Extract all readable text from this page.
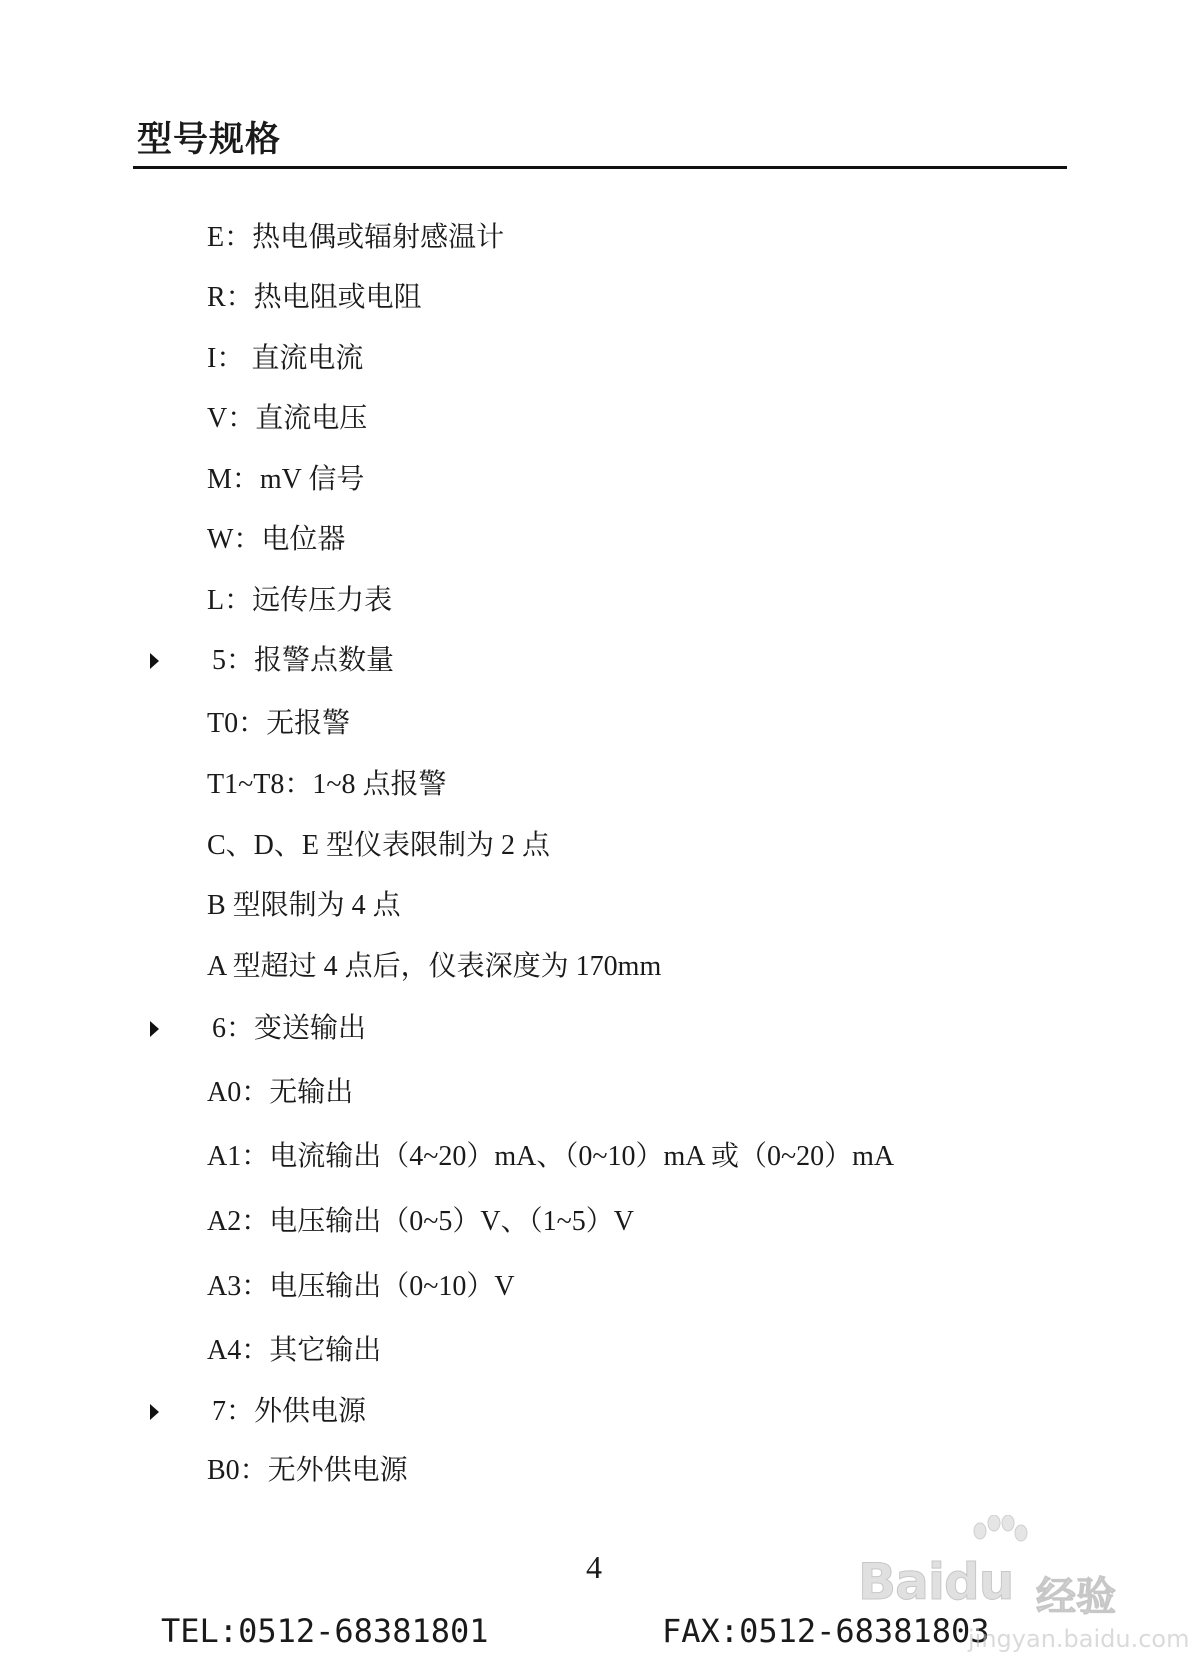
型号规格
E：热电偶或辐射感温计
R：热电阻或电阻
I： 直流电流
V：直流电压
M：mV 信号
W：电位器
L：远传压力表
5：报警点数量
T0：无报警
T1~T8：1~8 点报警
C、D、E 型仪表限制为 2 点
B 型限制为 4 点
A 型超过 4 点后，仪表深度为 170mm
6：变送输出
A0：无输出
A1：电流输出（4~20）mA、（0~10）mA 或（0~20）mA
A2：电压输出（0~5）V、（1~5）V
A3：电压输出（0~10）V
A4：其它输出
7：外供电源
B0：无外供电源
4
TEL:0512-68381801	FAX:0512-68381803
Baidu 经验
jingyan.baidu.com
